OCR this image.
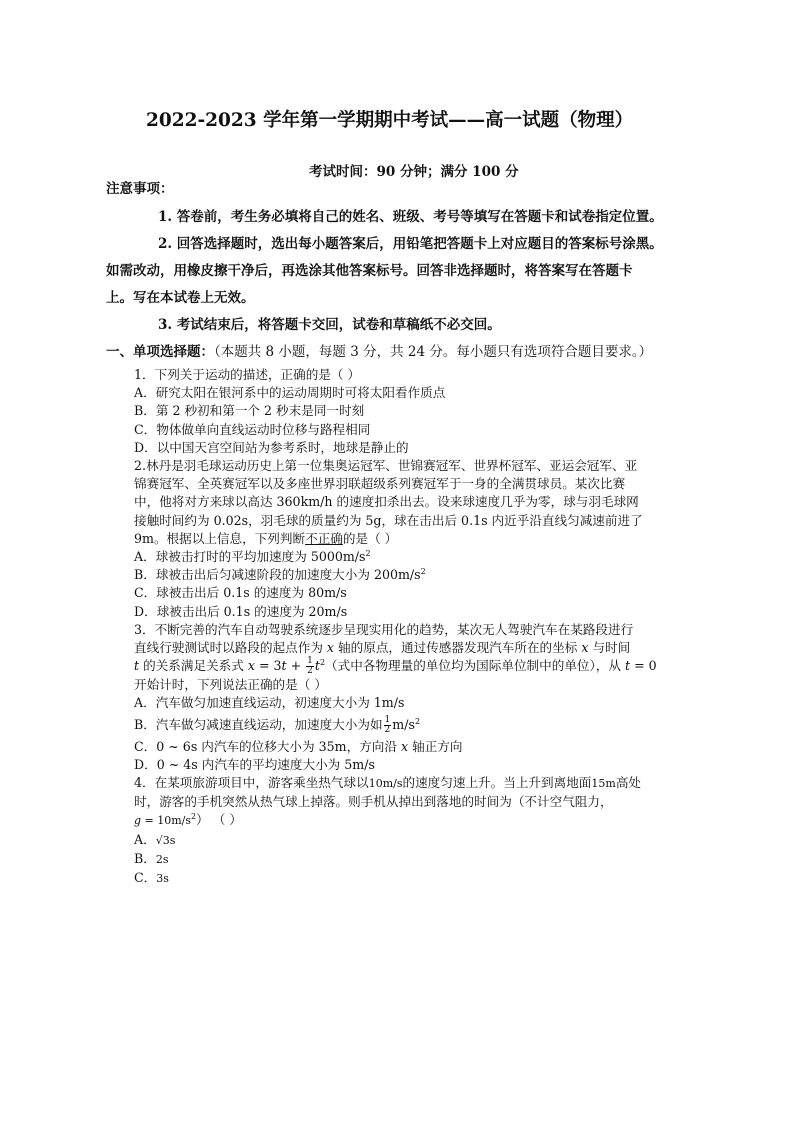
2022-2023 学年第一学期期中考试——高一试题（物理）
考试时间：90 分钟；满分 100 分

注意事项：

1. 答卷前，考生务必填将自己的姓名、班级、考号等填写在答题卡和试卷指定位置。

2. 回答选择题时，选出每小题答案后，用铅笔把答题卡上对应题目的答案标号涂黑。

如需改动，用橡皮擦干净后，再选涂其他答案标号。回答非选择题时，将答案写在答题卡

上。写在本试卷上无效。

3. 考试结束后，将答题卡交回，试卷和草稿纸不必交回。

一、单项选择题：（本题共 8 小题，每题 3 分，共 24 分。每小题只有选项符合题目要求。）

1．下列关于运动的描述，正确的是（ ）

A．研究太阳在银河系中的运动周期时可将太阳看作质点

B．第 2 秒初和第一个 2 秒末是同一时刻

C．物体做单向直线运动时位移与路程相同

D．以中国天宫空间站为参考系时，地球是静止的

2.林丹是羽毛球运动历史上第一位集奥运冠军、世锦赛冠军、世界杯冠军、亚运会冠军、亚

锦赛冠军、全英赛冠军以及多座世界羽联超级系列赛冠军于一身的全满贯球员。某次比赛

中，他将对方来球以高达 360km/h 的速度扣杀出去。设来球速度几乎为零，球与羽毛球网

接触时间约为 0.02s，羽毛球的质量约为 5g，球在击出后 0.1s 内近乎沿直线匀减速前进了

9m。根据以上信息，下列判断不正确的是（ ）

A．球被击打时的平均加速度为 $5000m/s^2$

B．球被击出后匀减速阶段的加速度大小为 $200m/s^2$

C．球被击出后 0.1s 的速度为 80m/s

D．球被击出后 0.1s 的速度为 20m/s

3．不断完善的汽车自动驾驶系统逐步呈现实用化的趋势，某次无人驾驶汽车在某路段进行

直线行驶测试时以路段的起点作为 x 轴的原点，通过传感器发现汽车所在的坐标 x 与时间

t 的关系满足关系式 $x = 3t + \frac{1}{2} t^2$（式中各物理量的单位均为国际单位制中的单位），从 t = 0

开始计时，下列说法正确的是（ ）

A．汽车做匀加速直线运动，初速度大小为 1m/s

B．汽车做匀减速直线运动，加速度大小为如 $\frac{1}{2} m/s^2$

C．0 ~ 6s 内汽车的位移大小为 35m，方向沿 x 轴正方向

D．0 ~ 4s 内汽车的平均速度大小为 5m/s

4．在某项旅游项目中，游客乘坐热气球以10m/s的速度匀速上升。当上升到离地面15m高处

时，游客的手机突然从热气球上掉落。则手机从掉出到落地的时间为（不计空气阻力，

$g = 10m/s^2$） （ ）

A．√3s

B．2s

C．3s
